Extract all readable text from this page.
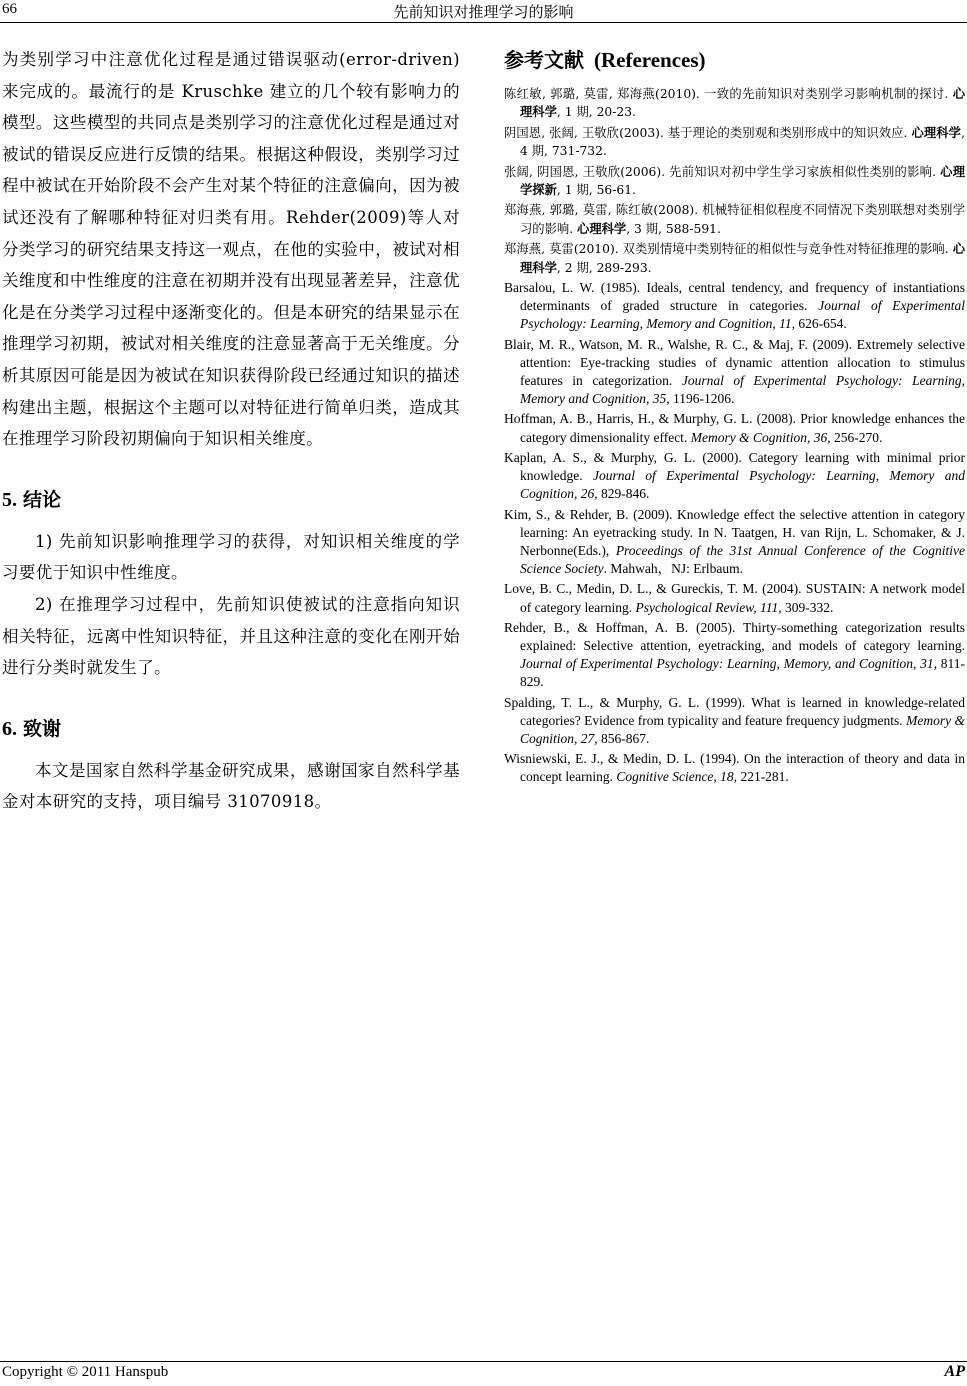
66	先前知识对推理学习的影响

为类别学习中注意优化过程是通过错误驱动(error-driven)来完成的。最流行的是 Kruschke 建立的几个较有影响力的模型。这些模型的共同点是类别学习的注意优化过程是通过对被试的错误反应进行反馈的结果。根据这种假设，类别学习过程中被试在开始阶段不会产生对某个特征的注意偏向，因为被试还没有了解哪种特征对归类有用。Rehder(2009)等人对分类学习的研究结果支持这一观点，在他的实验中，被试对相关维度和中性维度的注意在初期并没有出现显著差异，注意优化是在分类学习过程中逐渐变化的。但是本研究的结果显示在推理学习初期，被试对相关维度的注意显著高于无关维度。分析其原因可能是因为被试在知识获得阶段已经通过知识的描述构建出主题，根据这个主题可以对特征进行简单归类，造成其在推理学习阶段初期偏向于知识相关维度。

5. 结论

1) 先前知识影响推理学习的获得，对知识相关维度的学习要优于知识中性维度。

2) 在推理学习过程中，先前知识使被试的注意指向知识相关特征，远离中性知识特征，并且这种注意的变化在刚开始进行分类时就发生了。

6. 致谢

本文是国家自然科学基金研究成果，感谢国家自然科学基金对本研究的支持，项目编号 31070918。

参考文献 (References)
陈红敏, 郭璐, 莫雷, 郑海燕(2010). 一致的先前知识对类别学习影响机制的探讨. 心理科学, 1 期, 20-23.
阴国恩, 张阔, 王敬欣(2003). 基于理论的类别观和类别形成中的知识效应. 心理科学, 4 期, 731-732.
张阔, 阴国恩, 王敬欣(2006). 先前知识对初中学生学习家族相似性类别的影响. 心理学探新, 1 期, 56-61.
郑海燕, 郭璐, 莫雷, 陈红敏(2008). 机械特征相似程度不同情况下类别联想对类别学习的影响. 心理科学, 3 期, 588-591.
郑海燕, 莫雷(2010). 双类别情境中类别特征的相似性与竞争性对特征推理的影响. 心理科学, 2 期, 289-293.
Barsalou, L. W. (1985). Ideals, central tendency, and frequency of instantiations determinants of graded structure in categories. Journal of Experimental Psychology: Learning, Memory and Cognition, 11, 626-654.
Blair, M. R., Watson, M. R., Walshe, R. C., & Maj, F. (2009). Extremely selective attention: Eye-tracking studies of dynamic attention allocation to stimulus features in categorization. Journal of Experimental Psychology: Learning, Memory and Cognition, 35, 1196-1206.
Hoffman, A. B., Harris, H., & Murphy, G. L. (2008). Prior knowledge enhances the category dimensionality effect. Memory & Cognition, 36, 256-270.
Kaplan, A. S., & Murphy, G. L. (2000). Category learning with minimal prior knowledge. Journal of Experimental Psychology: Learning, Memory and Cognition, 26, 829-846.
Kim, S., & Rehder, B. (2009). Knowledge effect the selective attention in category learning: An eyetracking study. In N. Taatgen, H. van Rijn, L. Schomaker, & J. Nerbonne(Eds.), Proceedings of the 31st Annual Conference of the Cognitive Science Society. Mahwah，NJ: Erlbaum.
Love, B. C., Medin, D. L., & Gureckis, T. M. (2004). SUSTAIN: A network model of category learning. Psychological Review, 111, 309-332.
Rehder, B., & Hoffman, A. B. (2005). Thirty-something categorization results explained: Selective attention, eyetracking, and models of category learning. Journal of Experimental Psychology: Learning, Memory, and Cognition, 31, 811-829.
Spalding, T. L., & Murphy, G. L. (1999). What is learned in knowledge-related categories? Evidence from typicality and feature frequency judgments. Memory & Cognition, 27, 856-867.
Wisniewski, E. J., & Medin, D. L. (1994). On the interaction of theory and data in concept learning. Cognitive Science, 18, 221-281.
Copyright © 2011 Hanspub	AP
